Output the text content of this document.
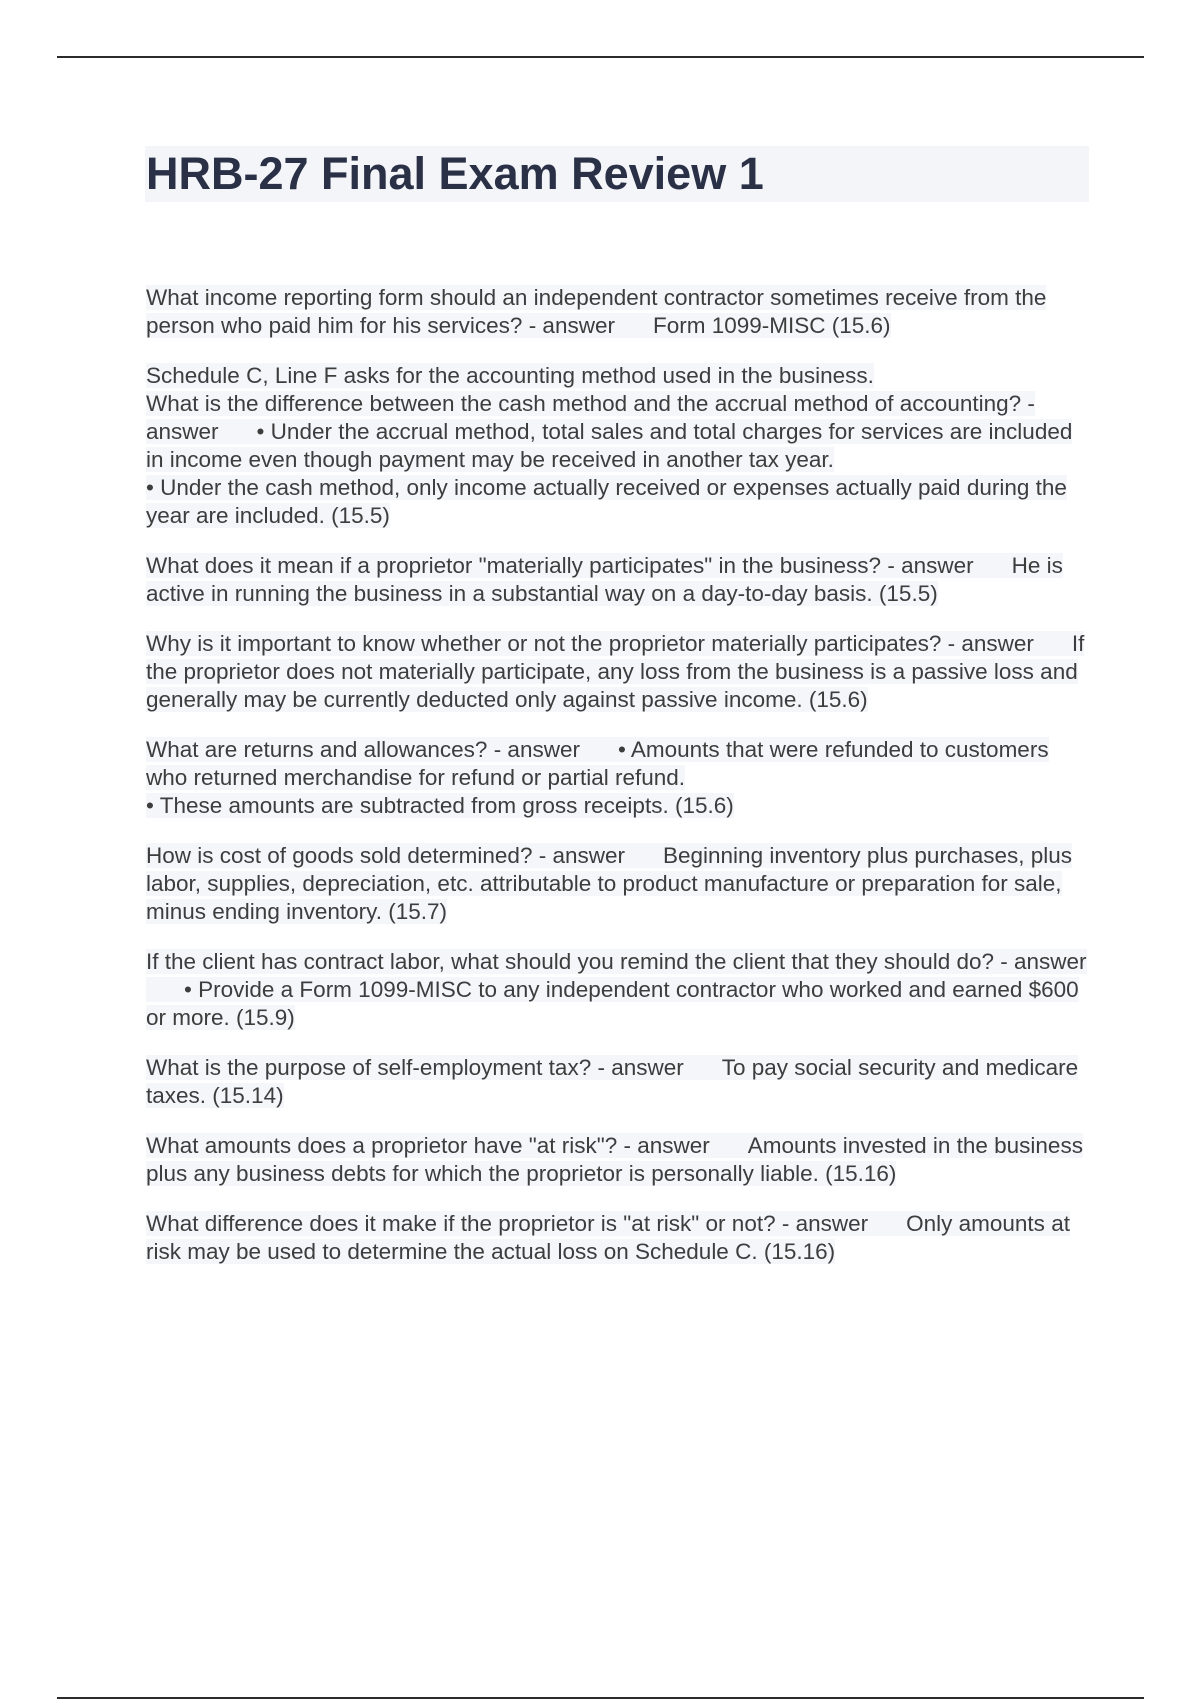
HRB-27 Final Exam Review 1

What income reporting form should an independent contractor sometimes receive from the person who paid him for his services? - answer Form 1099-MISC (15.6)

Schedule C, Line F asks for the accounting method used in the business.
What is the difference between the cash method and the accrual method of accounting? - answer • Under the accrual method, total sales and total charges for services are included in income even though payment may be received in another tax year.
• Under the cash method, only income actually received or expenses actually paid during the year are included. (15.5)

What does it mean if a proprietor "materially participates" in the business? - answer He is active in running the business in a substantial way on a day-to-day basis. (15.5)

Why is it important to know whether or not the proprietor materially participates? - answer If the proprietor does not materially participate, any loss from the business is a passive loss and generally may be currently deducted only against passive income. (15.6)

What are returns and allowances? - answer • Amounts that were refunded to customers who returned merchandise for refund or partial refund.
• These amounts are subtracted from gross receipts. (15.6)

How is cost of goods sold determined? - answer Beginning inventory plus purchases, plus labor, supplies, depreciation, etc. attributable to product manufacture or preparation for sale, minus ending inventory. (15.7)

If the client has contract labor, what should you remind the client that they should do? - answer• Provide a Form 1099-MISC to any independent contractor who worked and earned $600 or more. (15.9)

What is the purpose of self-employment tax? - answer To pay social security and medicare taxes. (15.14)

What amounts does a proprietor have "at risk"? - answer Amounts invested in the business plus any business debts for which the proprietor is personally liable. (15.16)

What difference does it make if the proprietor is "at risk" or not? - answer Only amounts at risk may be used to determine the actual loss on Schedule C. (15.16)
